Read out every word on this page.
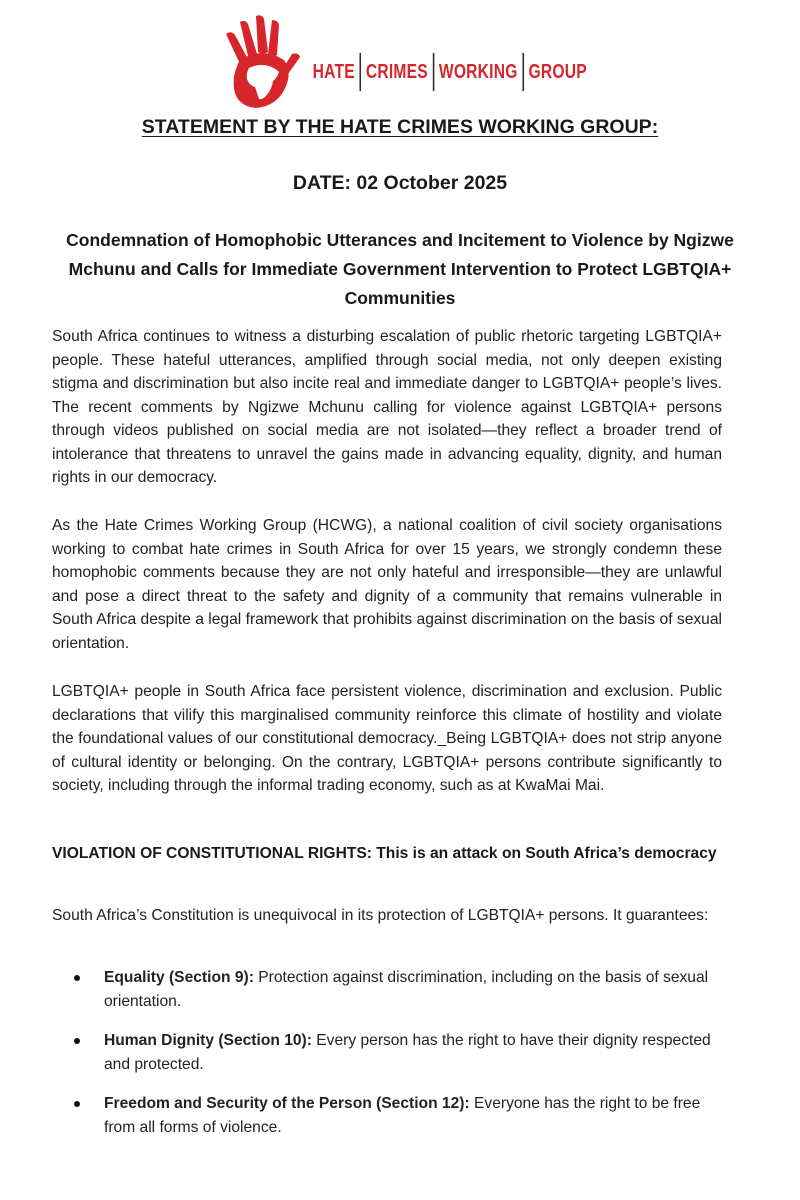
HATE CRIMES WORKING GROUP
STATEMENT BY THE HATE CRIMES WORKING GROUP:
DATE: 02 October 2025
Condemnation of Homophobic Utterances and Incitement to Violence by Ngizwe Mchunu and Calls for Immediate Government Intervention to Protect LGBTQIA+ Communities

South Africa continues to witness a disturbing escalation of public rhetoric targeting LGBTQIA+ people. These hateful utterances, amplified through social media, not only deepen existing stigma and discrimination but also incite real and immediate danger to LGBTQIA+ people’s lives. The recent comments by Ngizwe Mchunu calling for violence against LGBTQIA+ persons through videos published on social media are not isolated—they reflect a broader trend of intolerance that threatens to unravel the gains made in advancing equality, dignity, and human rights in our democracy.

As the Hate Crimes Working Group (HCWG), a national coalition of civil society organisations working to combat hate crimes in South Africa for over 15 years, we strongly condemn these homophobic comments because they are not only hateful and irresponsible—they are unlawful and pose a direct threat to the safety and dignity of a community that remains vulnerable in South Africa despite a legal framework that prohibits against discrimination on the basis of sexual orientation.

LGBTQIA+ people in South Africa face persistent violence, discrimination and exclusion. Public declarations that vilify this marginalised community reinforce this climate of hostility and violate the foundational values of our constitutional democracy._Being LGBTQIA+ does not strip anyone of cultural identity or belonging. On the contrary, LGBTQIA+ persons contribute significantly to society, including through the informal trading economy, such as at KwaMai Mai.

VIOLATION OF CONSTITUTIONAL RIGHTS: This is an attack on South Africa’s democracy

South Africa’s Constitution is unequivocal in its protection of LGBTQIA+ persons. It guarantees:

Equality (Section 9): Protection against discrimination, including on the basis of sexual orientation.
Human Dignity (Section 10): Every person has the right to have their dignity respected and protected.
Freedom and Security of the Person (Section 12): Everyone has the right to be free from all forms of violence.
